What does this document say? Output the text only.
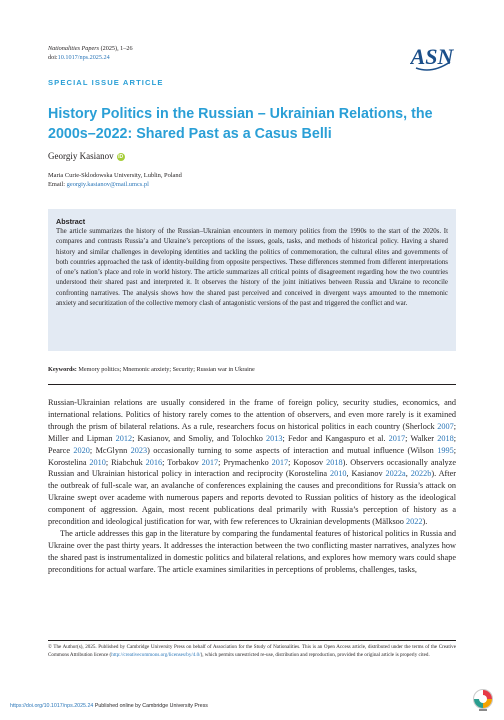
Nationalities Papers (2025), 1–26
doi:10.1017/nps.2025.24	ASN
SPECIAL ISSUE ARTICLE
History Politics in the Russian – Ukrainian Relations, the 2000s–2022: Shared Past as a Casus Belli
Georgiy Kasianov iD
Maria Curie-Sklodowska University, Lublin, Poland
Email: georgiy.kasianov@mail.umcs.pl
Abstract

The article summarizes the history of the Russian–Ukrainian encounters in memory politics from the 1990s to the start of the 2020s. It compares and contrasts Russia’a and Ukraine’s perceptions of the issues, goals, tasks, and methods of historical policy. Having a shared history and similar challenges in developing identities and tackling the politics of commemoration, the cultural elites and governments of both countries approached the task of identity-building from opposite perspectives. These differences stemmed from different interpretations of one’s nation’s place and role in world history. The article summarizes all critical points of disagreement regarding how the two countries understood their shared past and interpreted it. It observes the history of the joint initiatives between Russia and Ukraine to reconcile confronting narratives. The analysis shows how the shared past perceived and conceived in divergent ways amounted to the mnemonic anxiety and securitization of the collective memory clash of antagonistic versions of the past and triggered the conflict and war.

Keywords: Memory politics; Mnemonic anxiety; Security; Russian war in Ukraine

Russian-Ukrainian relations are usually considered in the frame of foreign policy, security studies, economics, and international relations. Politics of history rarely comes to the attention of observers, and even more rarely is it examined through the prism of bilateral relations. As a rule, researchers focus on historical politics in each country (Sherlock 2007; Miller and Lipman 2012; Kasianov, and Smoliy, and Tolochko 2013; Fedor and Kangaspuro et al. 2017; Walker 2018; Pearce 2020; McGlynn 2023) occasionally turning to some aspects of interaction and mutual influence (Wilson 1995; Korostelina 2010; Riabchuk 2016; Torbakov 2017; Prymachenko 2017; Koposov 2018). Observers occasionally analyze Russian and Ukrainian historical policy in interaction and reciprocity (Korostelina 2010, Kasianov 2022a, 2022b). After the outbreak of full-scale war, an avalanche of conferences explaining the causes and preconditions for Russia’s attack on Ukraine swept over academe with numerous papers and reports devoted to Russian politics of history as the ideological component of aggression. Again, most recent publications deal primarily with Russia’s perception of history as a precondition and ideological justification for war, with few references to Ukrainian developments (Mälksoo 2022).

The article addresses this gap in the literature by comparing the fundamental features of historical politics in Russia and Ukraine over the past thirty years. It addresses the interaction between the two conflicting master narratives, analyzes how the shared past is instrumentalized in domestic politics and bilateral relations, and explores how memory wars could shape preconditions for actual warfare. The article examines similarities in perceptions of problems, challenges, tasks,

© The Author(s), 2025. Published by Cambridge University Press on behalf of Association for the Study of Nationalities. This is an Open Access article, distributed under the terms of the Creative Commons Attribution licence (http://creativecommons.org/licenses/by/4.0/), which permits unrestricted re-use, distribution and reproduction, provided the original article is properly cited.
https://doi.org/10.1017/nps.2025.24 Published online by Cambridge University Press
